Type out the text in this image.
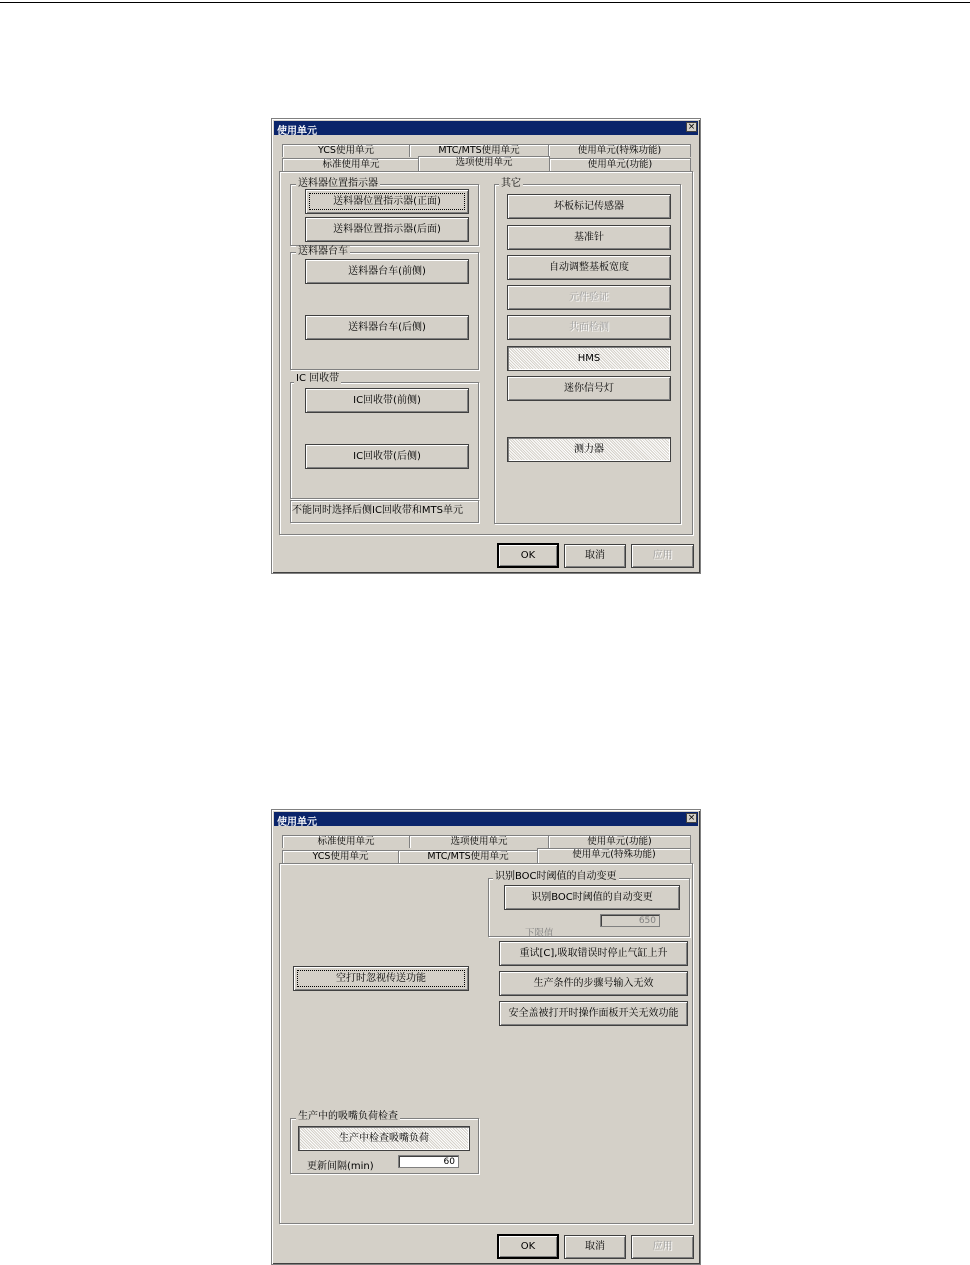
使用单元	×
YCS使用单元	MTC/MTS使用单元	使用单元(特殊功能)
标准使用单元	选项使用单元	使用单元(功能)
送料器位置指示器
送料器位置指示器(正面)
送料器位置指示器(后面)
送料器台车
送料器台车(前侧)
送料器台车(后侧)
IC 回收带
IC回收带(前侧)
IC回收带(后侧)
不能同时选择后侧IC回收带和MTS单元
其它
坏板标记传感器
基准针
自动调整基板宽度
元件验证
共面检测
HMS
迷你信号灯
测力器
OK	取消	应用
使用单元	×
标准使用单元	选项使用单元	使用单元(功能)
YCS使用单元	MTC/MTS使用单元	使用单元(特殊功能)
识别BOC时阈值的自动变更
识别BOC时阈值的自动变更
650
下限值
重试[C],吸取错误时停止气缸上升
生产条件的步骤号输入无效
安全盖被打开时操作面板开关无效功能
空打时忽视传送功能
生产中的吸嘴负荷检查
生产中检查吸嘴负荷
更新间隔(min)	60
OK	取消	应用
